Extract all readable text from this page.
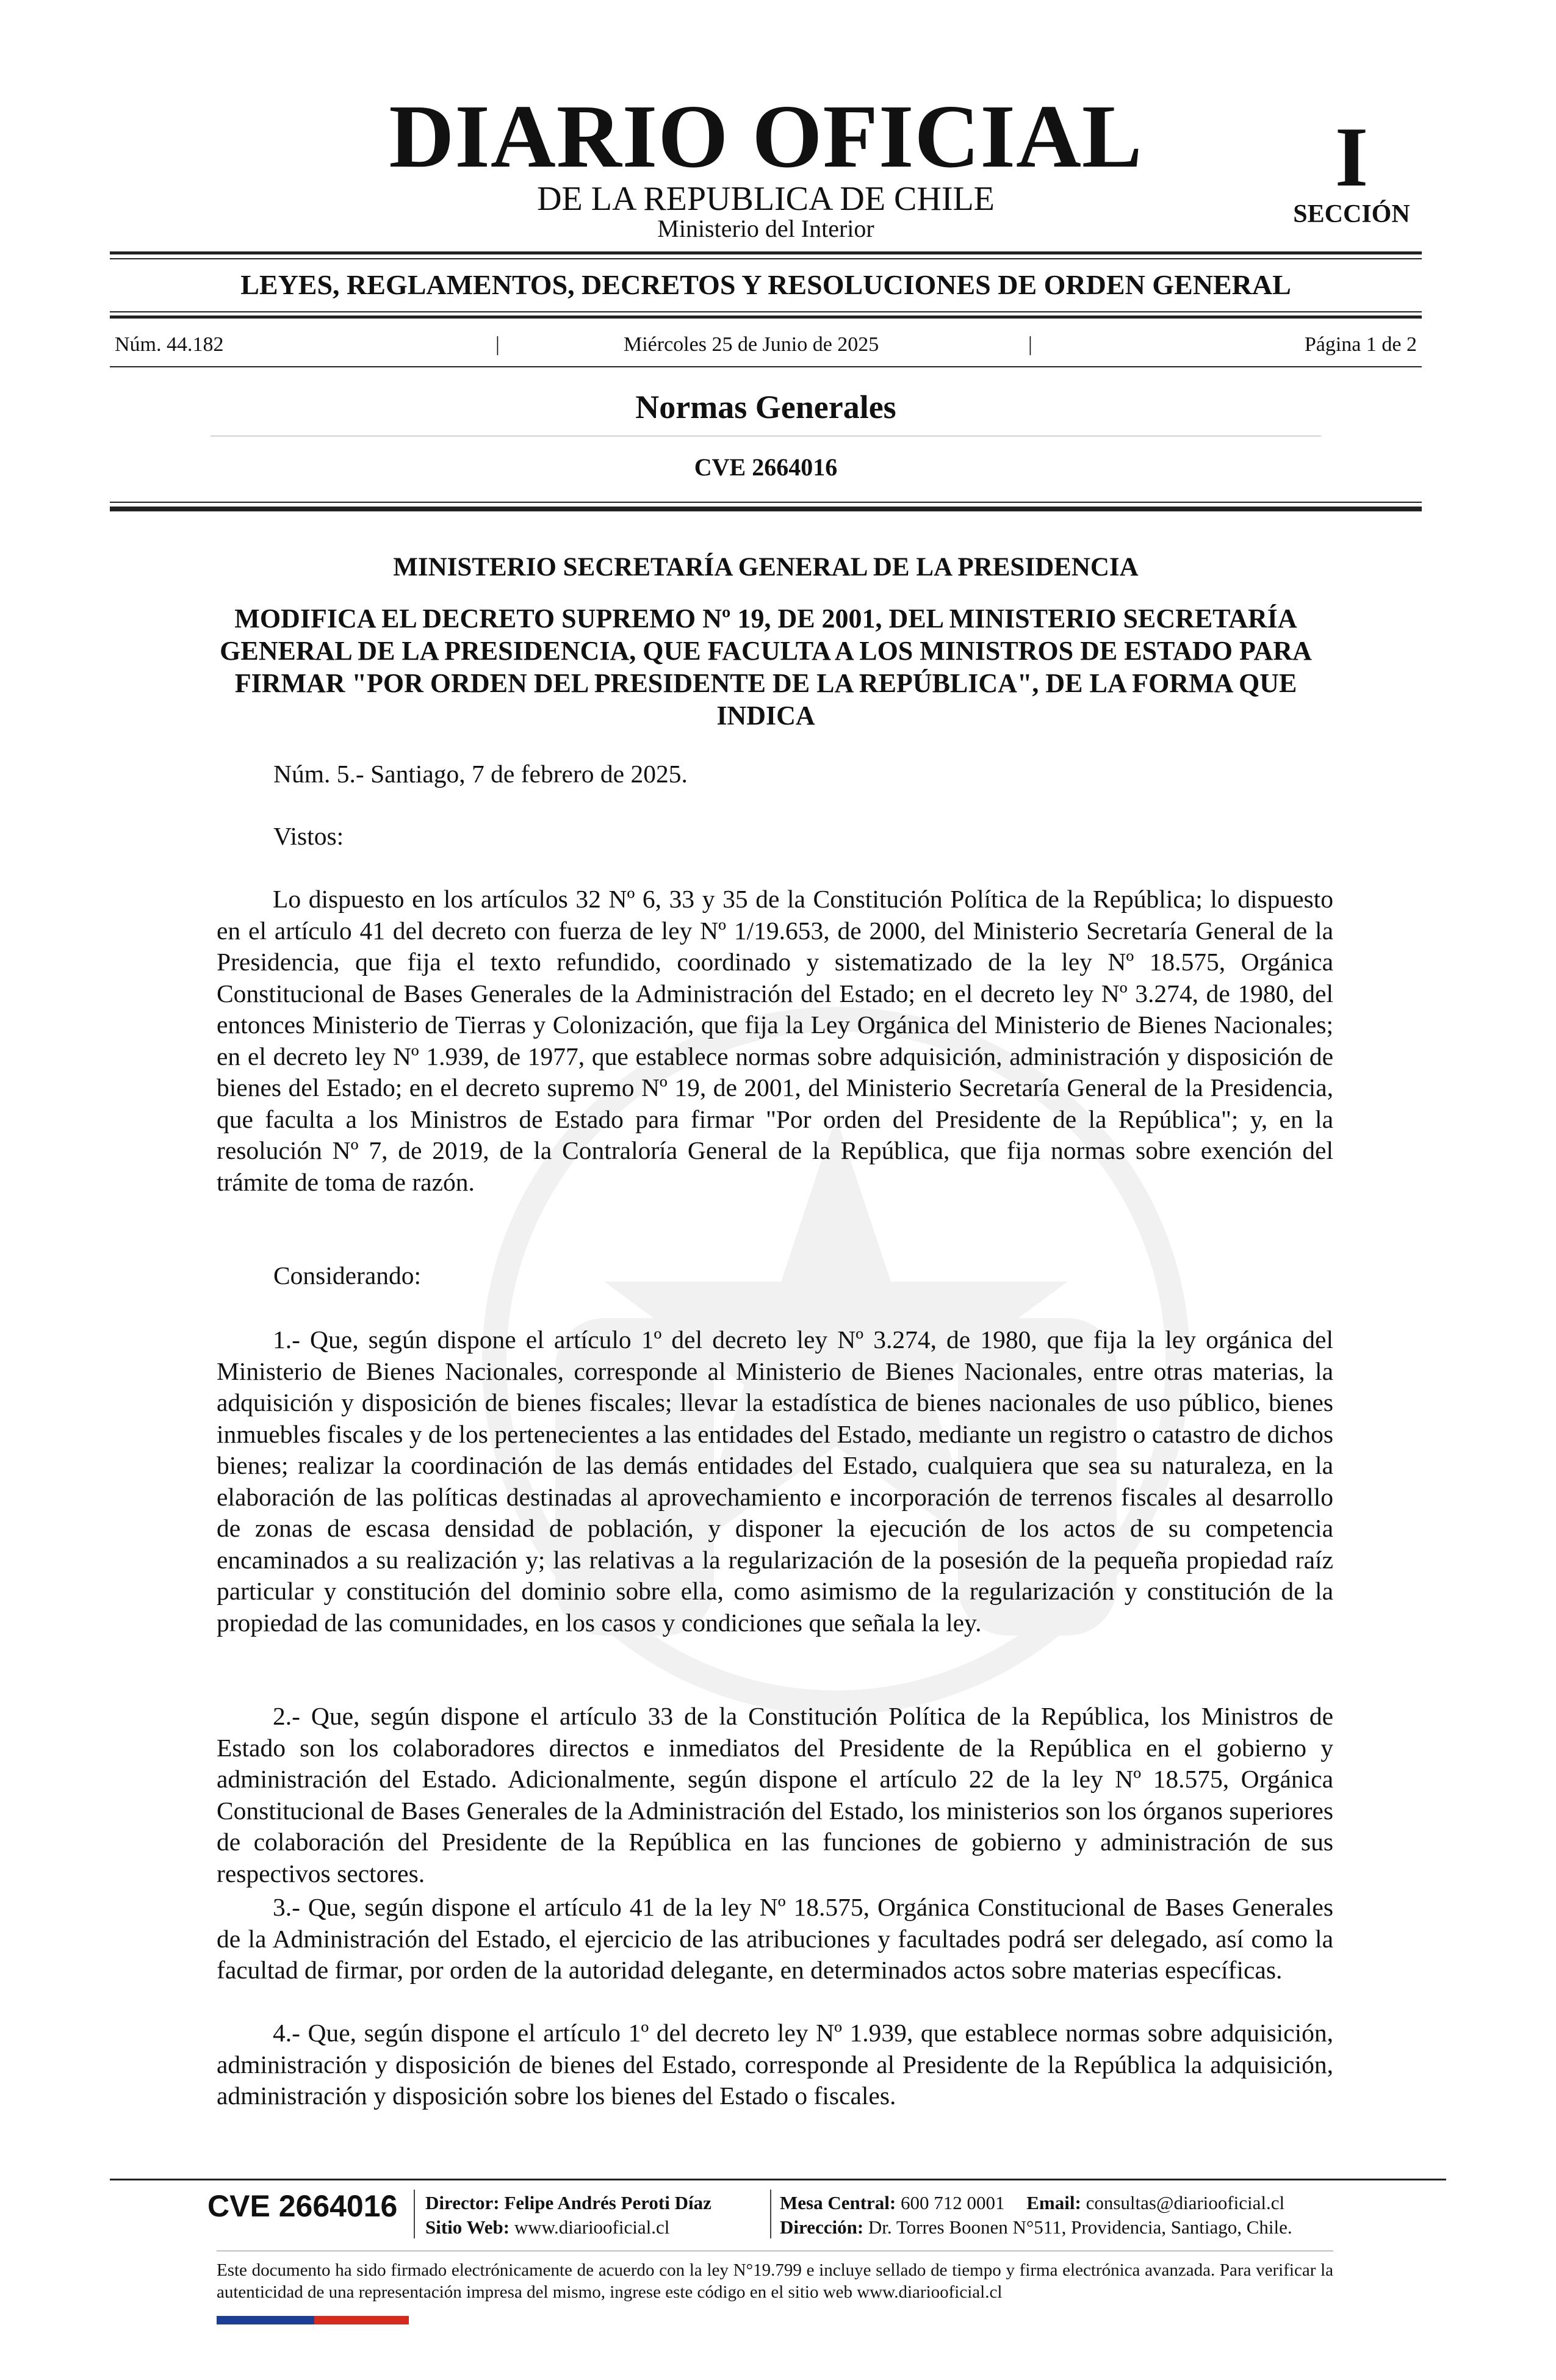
DIARIO OFICIAL
DE LA REPUBLICA DE CHILE
Ministerio del Interior
I
SECCIÓN
LEYES, REGLAMENTOS, DECRETOS Y RESOLUCIONES DE ORDEN GENERAL
Núm. 44.182	|	Miércoles 25 de Junio de 2025	|	Página 1 de 2
Normas Generales
CVE 2664016
MINISTERIO SECRETARÍA GENERAL DE LA PRESIDENCIA
MODIFICA EL DECRETO SUPREMO Nº 19, DE 2001, DEL MINISTERIO SECRETARÍA GENERAL DE LA PRESIDENCIA, QUE FACULTA A LOS MINISTROS DE ESTADO PARA FIRMAR "POR ORDEN DEL PRESIDENTE DE LA REPÚBLICA", DE LA FORMA QUE INDICA
Núm. 5.- Santiago, 7 de febrero de 2025.
Vistos:

Lo dispuesto en los artículos 32 Nº 6, 33 y 35 de la Constitución Política de la República; lo dispuesto en el artículo 41 del decreto con fuerza de ley Nº 1/19.653, de 2000, del Ministerio Secretaría General de la Presidencia, que fija el texto refundido, coordinado y sistematizado de la ley Nº 18.575, Orgánica Constitucional de Bases Generales de la Administración del Estado; en el decreto ley Nº 3.274, de 1980, del entonces Ministerio de Tierras y Colonización, que fija la Ley Orgánica del Ministerio de Bienes Nacionales; en el decreto ley Nº 1.939, de 1977, que establece normas sobre adquisición, administración y disposición de bienes del Estado; en el decreto supremo Nº 19, de 2001, del Ministerio Secretaría General de la Presidencia, que faculta a los Ministros de Estado para firmar "Por orden del Presidente de la República"; y, en la resolución Nº 7, de 2019, de la Contraloría General de la República, que fija normas sobre exención del trámite de toma de razón.

Considerando:

1.- Que, según dispone el artículo 1º del decreto ley Nº 3.274, de 1980, que fija la ley orgánica del Ministerio de Bienes Nacionales, corresponde al Ministerio de Bienes Nacionales, entre otras materias, la adquisición y disposición de bienes fiscales; llevar la estadística de bienes nacionales de uso público, bienes inmuebles fiscales y de los pertenecientes a las entidades del Estado, mediante un registro o catastro de dichos bienes; realizar la coordinación de las demás entidades del Estado, cualquiera que sea su naturaleza, en la elaboración de las políticas destinadas al aprovechamiento e incorporación de terrenos fiscales al desarrollo de zonas de escasa densidad de población, y disponer la ejecución de los actos de su competencia encaminados a su realización y; las relativas a la regularización de la posesión de la pequeña propiedad raíz particular y constitución del dominio sobre ella, como asimismo de la regularización y constitución de la propiedad de las comunidades, en los casos y condiciones que señala la ley.

2.- Que, según dispone el artículo 33 de la Constitución Política de la República, los Ministros de Estado son los colaboradores directos e inmediatos del Presidente de la República en el gobierno y administración del Estado. Adicionalmente, según dispone el artículo 22 de la ley Nº 18.575, Orgánica Constitucional de Bases Generales de la Administración del Estado, los ministerios son los órganos superiores de colaboración del Presidente de la República en las funciones de gobierno y administración de sus respectivos sectores.

3.- Que, según dispone el artículo 41 de la ley Nº 18.575, Orgánica Constitucional de Bases Generales de la Administración del Estado, el ejercicio de las atribuciones y facultades podrá ser delegado, así como la facultad de firmar, por orden de la autoridad delegante, en determinados actos sobre materias específicas.

4.- Que, según dispone el artículo 1º del decreto ley Nº 1.939, que establece normas sobre adquisición, administración y disposición de bienes del Estado, corresponde al Presidente de la República la adquisición, administración y disposición sobre los bienes del Estado o fiscales.

CVE 2664016 Director: Felipe Andrés Peroti Díaz
Sitio Web: www.diariooficial.cl
Mesa Central: 600 712 0001 Email: consultas@diariooficial.cl
Dirección: Dr. Torres Boonen N°511, Providencia, Santiago, Chile.
Este documento ha sido firmado electrónicamente de acuerdo con la ley N°19.799 e incluye sellado de tiempo y firma electrónica avanzada. Para verificar la autenticidad de una representación impresa del mismo, ingrese este código en el sitio web www.diariooficial.cl
